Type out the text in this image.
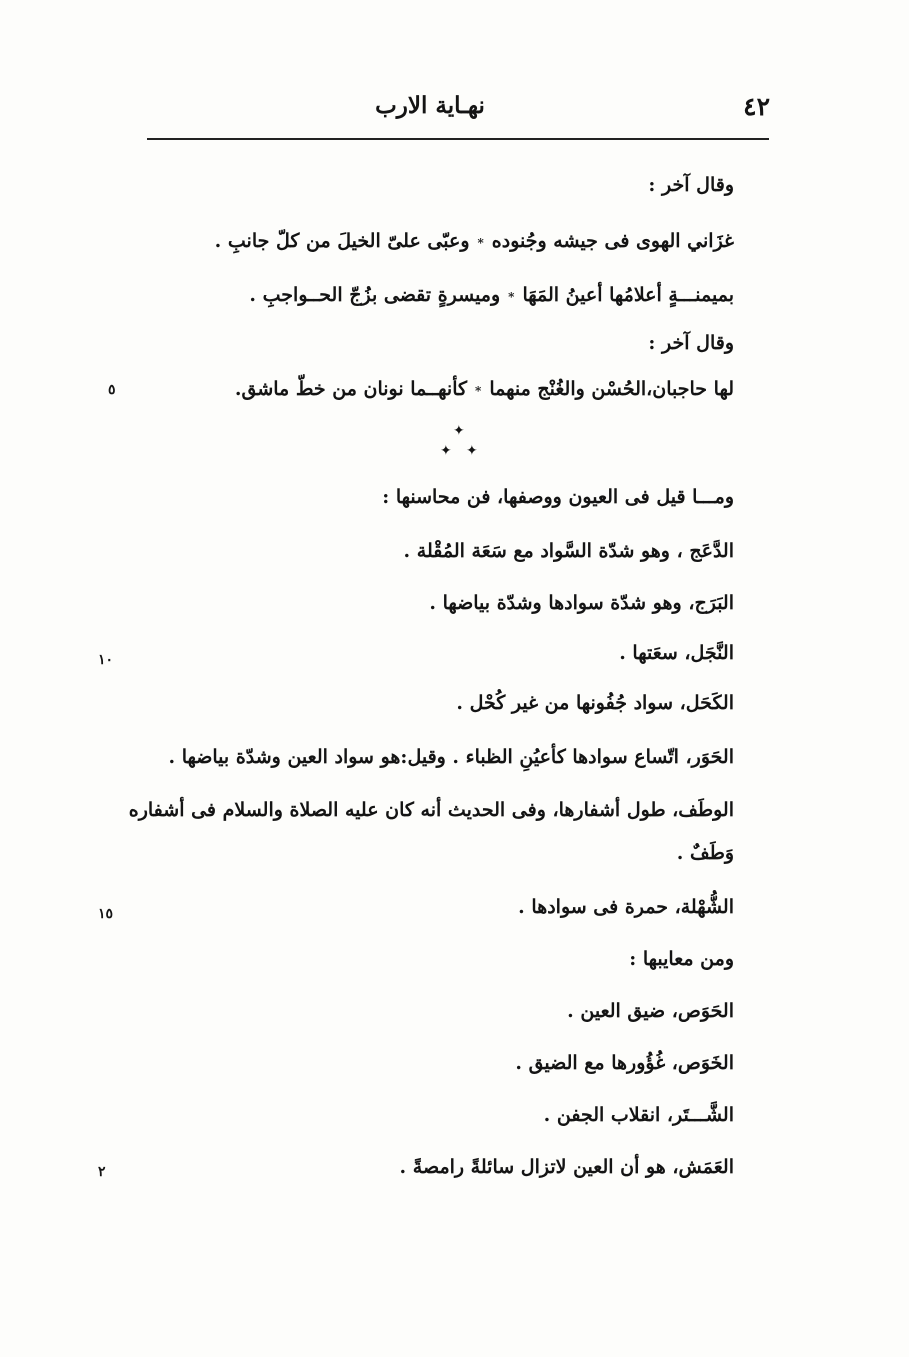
٤٢
نهـاية الارب
وقال آخر :
غزَاني الهوى فى جيشه وجُنوده*وعبّى علىّ الخيلَ من كلّ جانبِ .
بميمنـــةٍ أعلامُها أعينُ المَهَا*وميسرةٍ تقضى بزُجّ الحــواجبِ .
وقال آخر :
لها حاجبان،الحُسْن والغُنْج منهما*كأنهــما نونان من خطّ ماشق.
٥
✦
✦ ✦
ومـــا قيل فى العيون ووصفها، فن محاسنها :
الدَّعَج ، وهو شدّة السَّواد مع سَعَة المُقْلة .
البَرَج، وهو شدّة سوادها وشدّة بياضها .
النَّجَل، سعَتها .
١٠
الكَحَل، سواد جُفُونها من غير كُحْل .
الحَوَر، اتّساع سوادها كأعيُنِ الظباء . وقيل:هو سواد العين وشدّة بياضها .
الوطَف، طول أشفارها، وفى الحديث أنه كان عليه الصلاة والسلام فى أشفاره
وَطَفٌ .
الشُّهْلة، حمرة فى سوادها .
١٥
ومن معايبها :
الحَوَص، ضيق العين .
الخَوَص، غُؤُورها مع الضيق .
الشَّـــتَر، انقلاب الجفن .
العَمَش، هو أن العين لاتزال سائلةً رامصةً .
٢
